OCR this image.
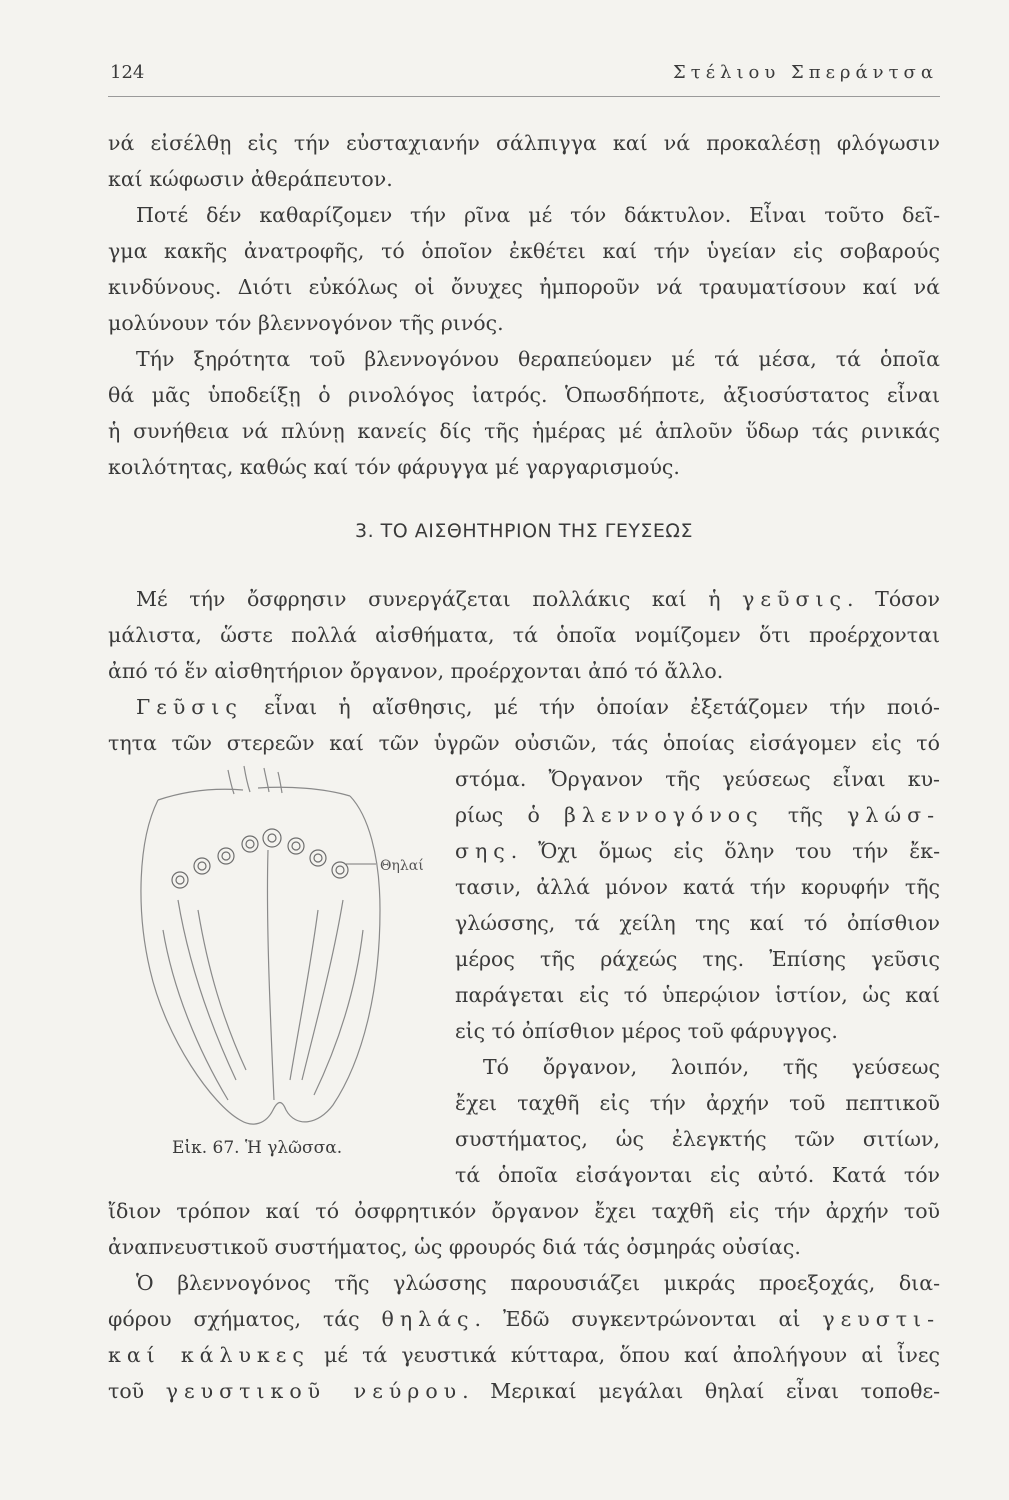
124	Στέλιου Σπεράντσα
νά εἰσέλθῃ εἰς τήν εὐσταχιανήν σάλπιγγα καί νά προκαλέσῃ φλόγωσιν
καί κώφωσιν ἀθεράπευτον.
Ποτέ δέν καθαρίζομεν τήν ρῖνα μέ τόν δάκτυλον. Εἶναι τοῦτο δεῖ-
γμα κακῆς ἀνατροφῆς, τό ὁποῖον ἐκθέτει καί τήν ὑγείαν εἰς σοβαρούς
κινδύνους. Διότι εὐκόλως οἱ ὄνυχες ἠμποροῦν νά τραυματίσουν καί νά
μολύνουν τόν βλεννογόνον τῆς ρινός.
Τήν ξηρότητα τοῦ βλεννογόνου θεραπεύομεν μέ τά μέσα, τά ὁποῖα
θά μᾶς ὑποδείξῃ ὁ ρινολόγος ἰατρός. Ὁπωσδήποτε, ἀξιοσύστατος εἶναι
ἡ συνήθεια νά πλύνῃ κανείς δίς τῆς ἡμέρας μέ ἁπλοῦν ὕδωρ τάς ρινικάς
κοιλότητας, καθώς καί τόν φάρυγγα μέ γαργαρισμούς.
3. ΤΟ ΑΙΣΘΗΤΗΡΙΟΝ ΤΗΣ ΓΕΥΣΕΩΣ
Μέ τήν ὄσφρησιν συνεργάζεται πολλάκις καί ἡ γεῦσις. Τόσον
μάλιστα, ὥστε πολλά αἰσθήματα, τά ὁποῖα νομίζομεν ὅτι προέρχονται
ἀπό τό ἕν αἰσθητήριον ὄργανον, προέρχονται ἀπό τό ἄλλο.
Γεῦσις εἶναι ἡ αἴσθησις, μέ τήν ὁποίαν ἐξετάζομεν τήν ποιό-
τητα τῶν στερεῶν καί τῶν ὑγρῶν οὐσιῶν, τάς ὁποίας εἰσάγομεν εἰς τό
στόμα. Ὄργανον τῆς γεύσεως εἶναι κυ-
ρίως ὁ βλεννογόνος τῆς γλώσ-
σης. Ὄχι ὅμως εἰς ὅλην του τήν ἔκ-
τασιν, ἀλλά μόνον κατά τήν κορυφήν τῆς
γλώσσης, τά χείλη της καί τό ὀπίσθιον
μέρος τῆς ράχεώς της. Ἐπίσης γεῦσις
παράγεται εἰς τό ὑπερῴιον ἱστίον, ὡς καί
εἰς τό ὀπίσθιον μέρος τοῦ φάρυγγος.
Τό ὄργανον, λοιπόν, τῆς γεύσεως
ἔχει ταχθῆ εἰς τήν ἀρχήν τοῦ πεπτικοῦ
συστήματος, ὡς ἐλεγκτής τῶν σιτίων,
τά ὁποῖα εἰσάγονται εἰς αὐτό. Κατά τόν
ἴδιον τρόπον καί τό ὀσφρητικόν ὄργανον ἔχει ταχθῆ εἰς τήν ἀρχήν τοῦ
ἀναπνευστικοῦ συστήματος, ὡς φρουρός διά τάς ὀσμηράς οὐσίας.
Ὁ βλεννογόνος τῆς γλώσσης παρουσιάζει μικράς προεξοχάς, δια-
φόρου σχήματος, τάς θηλάς. Ἐδῶ συγκεντρώνονται αἱ γευστι-
καί κάλυκες μέ τά γευστικά κύτταρα, ὅπου καί ἀπολήγουν αἱ ἶνες
τοῦ γευστικοῦ νεύρου. Μερικαί μεγάλαι θηλαί εἶναι τοποθε-
Θηλαί
Εἰκ. 67. Ἡ γλῶσσα.
